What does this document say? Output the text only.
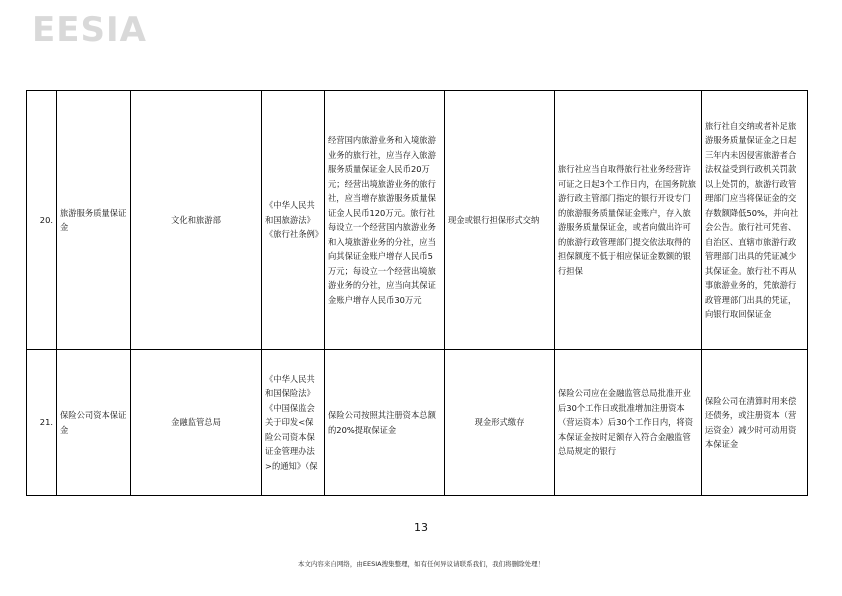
EESIA
20.	旅游服务质量保证金	文化和旅游部	《中华人民共和国旅游法》《旅行社条例》	经营国内旅游业务和入境旅游业务的旅行社，应当存入旅游服务质量保证金人民币20万元；经营出境旅游业务的旅行社，应当增存旅游服务质量保证金人民币120万元。旅行社每设立一个经营国内旅游业务和入境旅游业务的分社，应当向其保证金账户增存人民币5万元；每设立一个经营出境旅游业务的分社，应当向其保证金账户增存人民币30万元	现金或银行担保形式交纳	旅行社应当自取得旅行社业务经营许可证之日起3个工作日内，在国务院旅游行政主管部门指定的银行开设专门的旅游服务质量保证金账户，存入旅游服务质量保证金，或者向做出许可的旅游行政管理部门提交依法取得的担保额度不低于相应保证金数额的银行担保	旅行社自交纳或者补足旅游服务质量保证金之日起三年内未因侵害旅游者合法权益受到行政机关罚款以上处罚的，旅游行政管理部门应当将保证金的交存数额降低50%，并向社会公告。旅行社可凭省、自治区、直辖市旅游行政管理部门出具的凭证减少其保证金。旅行社不再从事旅游业务的，凭旅游行政管理部门出具的凭证，向银行取回保证金
21.	保险公司资本保证金	金融监管总局	《中华人民共和国保险法》《中国保监会关于印发<保险公司资本保证金管理办法>的通知》（保	保险公司按照其注册资本总额的20%提取保证金	现金形式缴存	保险公司应在金融监管总局批准开业后30个工作日或批准增加注册资本（营运资本）后30个工作日内，将资本保证金按时足额存入符合金融监管总局规定的银行	保险公司在清算时用来偿还债务，或注册资本（营运资金）减少时可动用资本保证金
13
本文内容来自网络，由EESIA搜集整理，如有任何异议请联系我们，我们将删除处理！
